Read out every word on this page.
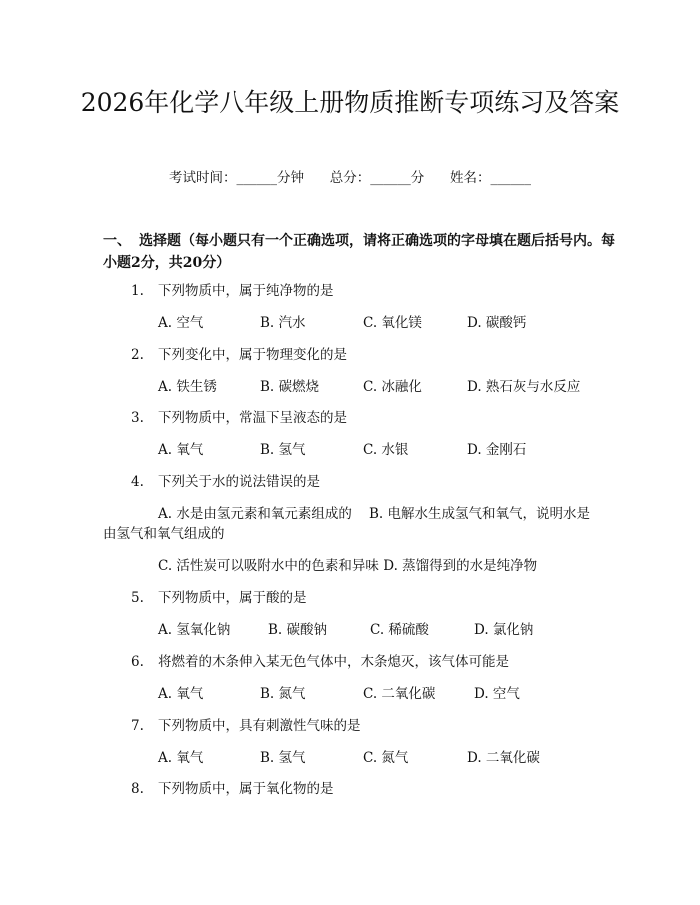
2026年化学八年级上册物质推断专项练习及答案
考试时间：______分钟      总分：______分      姓名：______
一、 选择题（每小题只有一个正确选项，请将正确选项的字母填在题后括号内。每小题2分，共20分）
1. 下列物质中，属于纯净物的是
A. 空气	B. 汽水	C. 氧化镁	D. 碳酸钙
2. 下列变化中，属于物理变化的是
A. 铁生锈	B. 碳燃烧	C. 冰融化	D. 熟石灰与水反应
3. 下列物质中，常温下呈液态的是
A. 氧气	B. 氢气	C. 水银	D. 金刚石
4. 下列关于水的说法错误的是
A. 水是由氢元素和氧元素组成的    B. 电解水生成氢气和氧气，说明水是由氢气和氧气组成的
C. 活性炭可以吸附水中的色素和异味 D. 蒸馏得到的水是纯净物
5. 下列物质中，属于酸的是
A. 氢氧化钠	B. 碳酸钠	C. 稀硫酸	D. 氯化钠
6. 将燃着的木条伸入某无色气体中，木条熄灭，该气体可能是
A. 氧气	B. 氮气	C. 二氧化碳	D. 空气
7. 下列物质中，具有刺激性气味的是
A. 氧气	B. 氢气	C. 氮气	D. 二氧化碳
8. 下列物质中，属于氧化物的是
